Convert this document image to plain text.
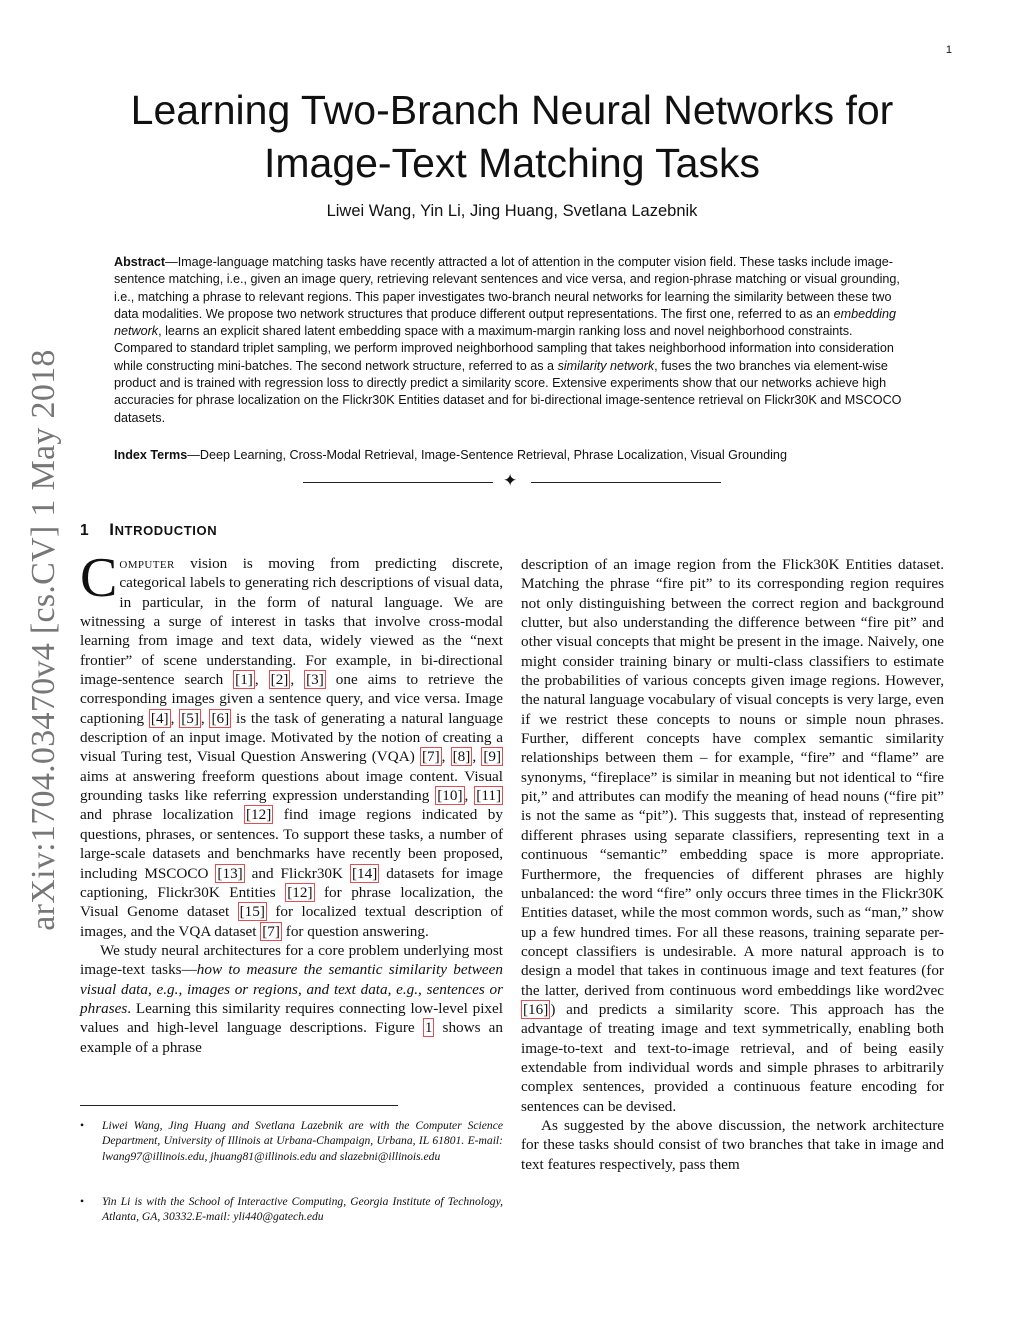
1
arXiv:1704.03470v4 [cs.CV] 1 May 2018
Learning Two-Branch Neural Networks for
Image-Text Matching Tasks
Liwei Wang, Yin Li, Jing Huang, Svetlana Lazebnik

Abstract—Image-language matching tasks have recently attracted a lot of attention in the computer vision field. These tasks include image-sentence matching, i.e., given an image query, retrieving relevant sentences and vice versa, and region-phrase matching or visual grounding, i.e., matching a phrase to relevant regions. This paper investigates two-branch neural networks for learning the similarity between these two data modalities. We propose two network structures that produce different output representations. The first one, referred to as an embedding network, learns an explicit shared latent embedding space with a maximum-margin ranking loss and novel neighborhood constraints. Compared to standard triplet sampling, we perform improved neighborhood sampling that takes neighborhood information into consideration while constructing mini-batches. The second network structure, referred to as a similarity network, fuses the two branches via element-wise product and is trained with regression loss to directly predict a similarity score. Extensive experiments show that our networks achieve high accuracies for phrase localization on the Flickr30K Entities dataset and for bi-directional image-sentence retrieval on Flickr30K and MSCOCO datasets.

Index Terms—Deep Learning, Cross-Modal Retrieval, Image-Sentence Retrieval, Phrase Localization, Visual Grounding
✦
1 INTRODUCTION

Computer vision is moving from predicting discrete, categorical labels to generating rich descriptions of visual data, in particular, in the form of natural language. We are witnessing a surge of interest in tasks that involve cross-modal learning from image and text data, widely viewed as the “next frontier” of scene understanding. For example, in bi-directional image-sentence search [1] , [2] , [3] one aims to retrieve the corresponding images given a sentence query, and vice versa. Image captioning [4] , [5] , [6] is the task of generating a natural language description of an input image. Motivated by the notion of creating a visual Turing test, Visual Question Answering (VQA) [7] , [8] , [9] aims at answering freeform questions about image content. Visual grounding tasks like referring expression understanding [10] , [11] and phrase localization [12] find image regions indicated by questions, phrases, or sentences. To support these tasks, a number of large-scale datasets and benchmarks have recently been proposed, including MSCOCO [13] and Flickr30K [14] datasets for image captioning, Flickr30K Entities [12] for phrase localization, the Visual Genome dataset [15] for localized textual description of images, and the VQA dataset [7] for question answering.

We study neural architectures for a core problem underlying most image-text tasks—how to measure the semantic similarity between visual data, e.g., images or regions, and text data, e.g., sentences or phrases. Learning this similarity requires connecting low-level pixel values and high-level language descriptions. Figure 1 shows an example of a phrase

• Liwei Wang, Jing Huang and Svetlana Lazebnik are with the Computer Science Department, University of Illinois at Urbana-Champaign, Urbana, IL 61801. E-mail: lwang97@illinois.edu, jhuang81@illinois.edu and slazebni@illinois.edu
• Yin Li is with the School of Interactive Computing, Georgia Institute of Technology, Atlanta, GA, 30332.E-mail: yli440@gatech.edu

description of an image region from the Flick30K Entities dataset. Matching the phrase “fire pit” to its corresponding region requires not only distinguishing between the correct region and background clutter, but also understanding the difference between “fire pit” and other visual concepts that might be present in the image. Naively, one might consider training binary or multi-class classifiers to estimate the probabilities of various concepts given image regions. However, the natural language vocabulary of visual concepts is very large, even if we restrict these concepts to nouns or simple noun phrases. Further, different concepts have complex semantic similarity relationships between them – for example, “fire” and “flame” are synonyms, “fireplace” is similar in meaning but not identical to “fire pit,” and attributes can modify the meaning of head nouns (“fire pit” is not the same as “pit”). This suggests that, instead of representing different phrases using separate classifiers, representing text in a continuous “semantic” embedding space is more appropriate. Furthermore, the frequencies of different phrases are highly unbalanced: the word “fire” only occurs three times in the Flickr30K Entities dataset, while the most common words, such as “man,” show up a few hundred times. For all these reasons, training separate per-concept classifiers is undesirable. A more natural approach is to design a model that takes in continuous image and text features (for the latter, derived from continuous word embeddings like word2vec [16] ) and predicts a similarity score. This approach has the advantage of treating image and text symmetrically, enabling both image-to-text and text-to-image retrieval, and of being easily extendable from individual words and simple phrases to arbitrarily complex sentences, provided a continuous feature encoding for sentences can be devised.

As suggested by the above discussion, the network architecture for these tasks should consist of two branches that take in image and text features respectively, pass them
